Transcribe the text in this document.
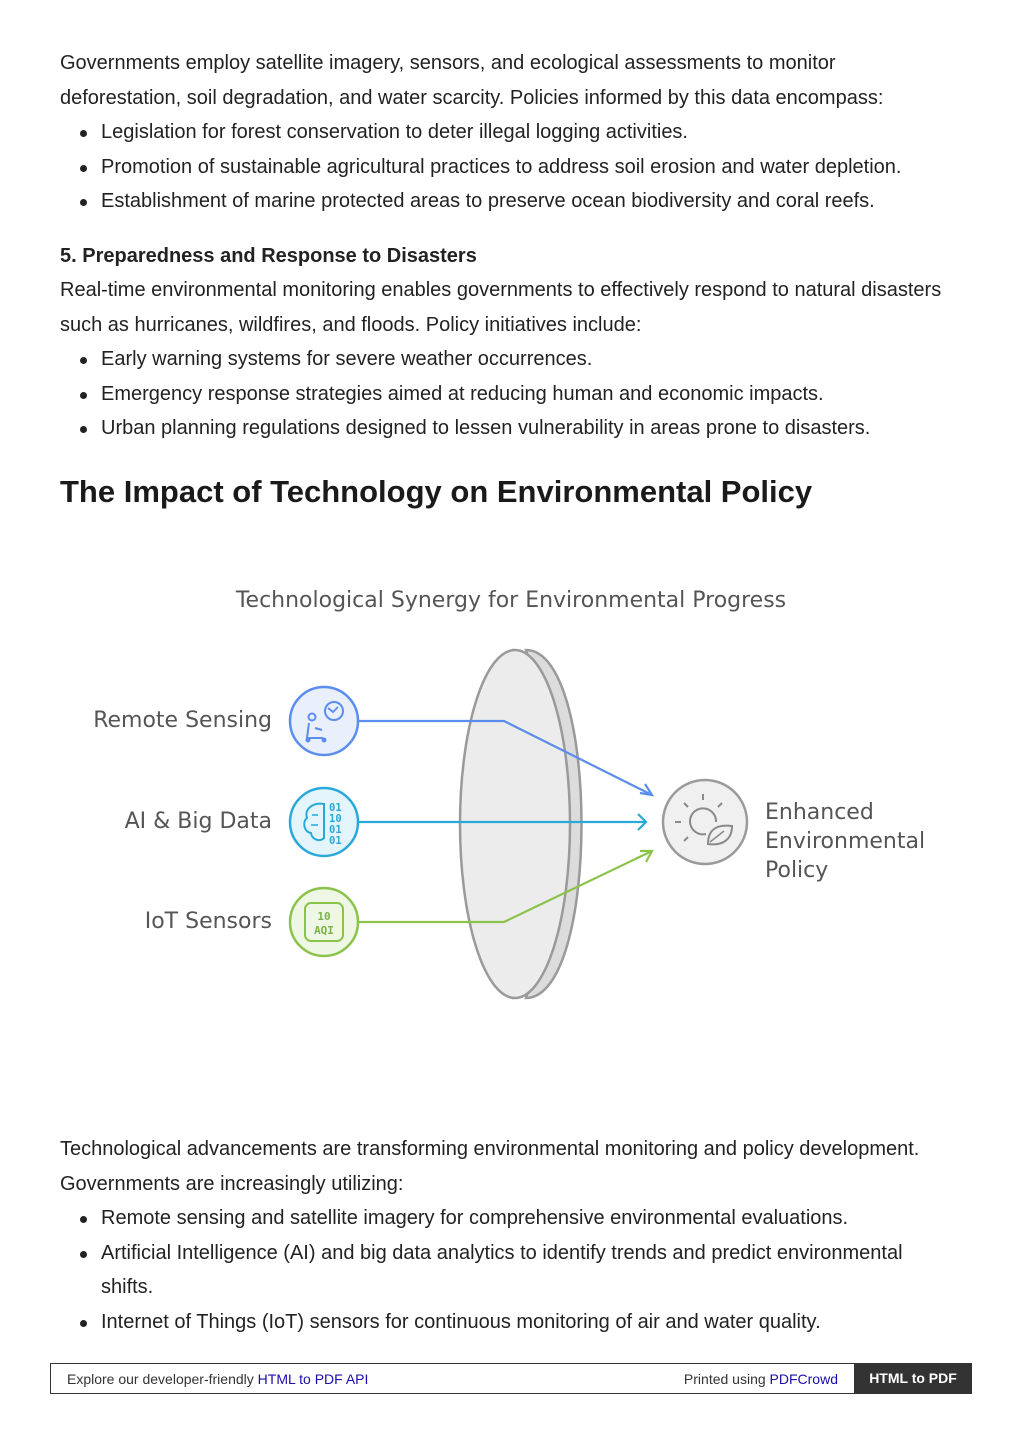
Governments employ satellite imagery, sensors, and ecological assessments to monitor deforestation, soil degradation, and water scarcity. Policies informed by this data encompass:

Legislation for forest conservation to deter illegal logging activities.
Promotion of sustainable agricultural practices to address soil erosion and water depletion.
Establishment of marine protected areas to preserve ocean biodiversity and coral reefs.
5. Preparedness and Response to Disasters

Real-time environmental monitoring enables governments to effectively respond to natural disasters such as hurricanes, wildfires, and floods. Policy initiatives include:

Early warning systems for severe weather occurrences.
Emergency response strategies aimed at reducing human and economic impacts.
Urban planning regulations designed to lessen vulnerability in areas prone to disasters.
The Impact of Technology on Environmental Policy
01
10
01
01
10
AQI
Technological Synergy for Environmental Progress
Remote Sensing
AI & Big Data
IoT Sensors
Enhanced
Environmental
Policy

Technological advancements are transforming environmental monitoring and policy development. Governments are increasingly utilizing:

Remote sensing and satellite imagery for comprehensive environmental evaluations.
Artificial Intelligence (AI) and big data analytics to identify trends and predict environmental shifts.
Internet of Things (IoT) sensors for continuous monitoring of air and water quality.
Explore our developer-friendly HTML to PDF API	Printed using PDFCrowd	HTML to PDF
